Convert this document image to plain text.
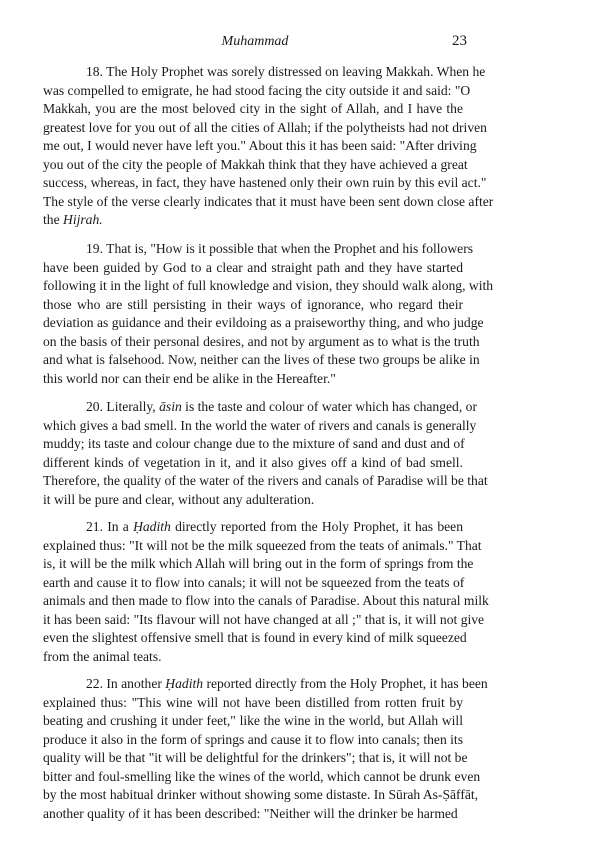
Muhammad	23
18. The Holy Prophet was sorely distressed on leaving Makkah. When he
was compelled to emigrate, he had stood facing the city outside it and said: "O
Makkah, you are the most beloved city in the sight of Allah, and I have the
greatest love for you out of all the cities of Allah; if the polytheists had not driven
me out, I would never have left you." About this it has been said: "After driving
you out of the city the people of Makkah think that they have achieved a great
success, whereas, in fact, they have hastened only their own ruin by this evil act."
The style of the verse clearly indicates that it must have been sent down close after
the Hijrah.
19. That is, "How is it possible that when the Prophet and his followers
have been guided by God to a clear and straight path and they have started
following it in the light of full knowledge and vision, they should walk along, with
those who are still persisting in their ways of ignorance, who regard their
deviation as guidance and their evildoing as a praiseworthy thing, and who judge
on the basis of their personal desires, and not by argument as to what is the truth
and what is falsehood. Now, neither can the lives of these two groups be alike in
this world nor can their end be alike in the Hereafter."
20. Literally, āsin is the taste and colour of water which has changed, or
which gives a bad smell. In the world the water of rivers and canals is generally
muddy; its taste and colour change due to the mixture of sand and dust and of
different kinds of vegetation in it, and it also gives off a kind of bad smell.
Therefore, the quality of the water of the rivers and canals of Paradise will be that
it will be pure and clear, without any adulteration.
21. In a Ḥadith directly reported from the Holy Prophet, it has been
explained thus: "It will not be the milk squeezed from the teats of animals." That
is, it will be the milk which Allah will bring out in the form of springs from the
earth and cause it to flow into canals; it will not be squeezed from the teats of
animals and then made to flow into the canals of Paradise. About this natural milk
it has been said: "Its flavour will not have changed at all ;" that is, it will not give
even the slightest offensive smell that is found in every kind of milk squeezed
from the animal teats.
22. In another Ḥadith reported directly from the Holy Prophet, it has been
explained thus: "This wine will not have been distilled from rotten fruit by
beating and crushing it under feet," like the wine in the world, but Allah will
produce it also in the form of springs and cause it to flow into canals; then its
quality will be that "it will be delightful for the drinkers"; that is, it will not be
bitter and foul-smelling like the wines of the world, which cannot be drunk even
by the most habitual drinker without showing some distaste. In Sūrah As-Ṣāffāt,
another quality of it has been described: "Neither will the drinker be harmed
